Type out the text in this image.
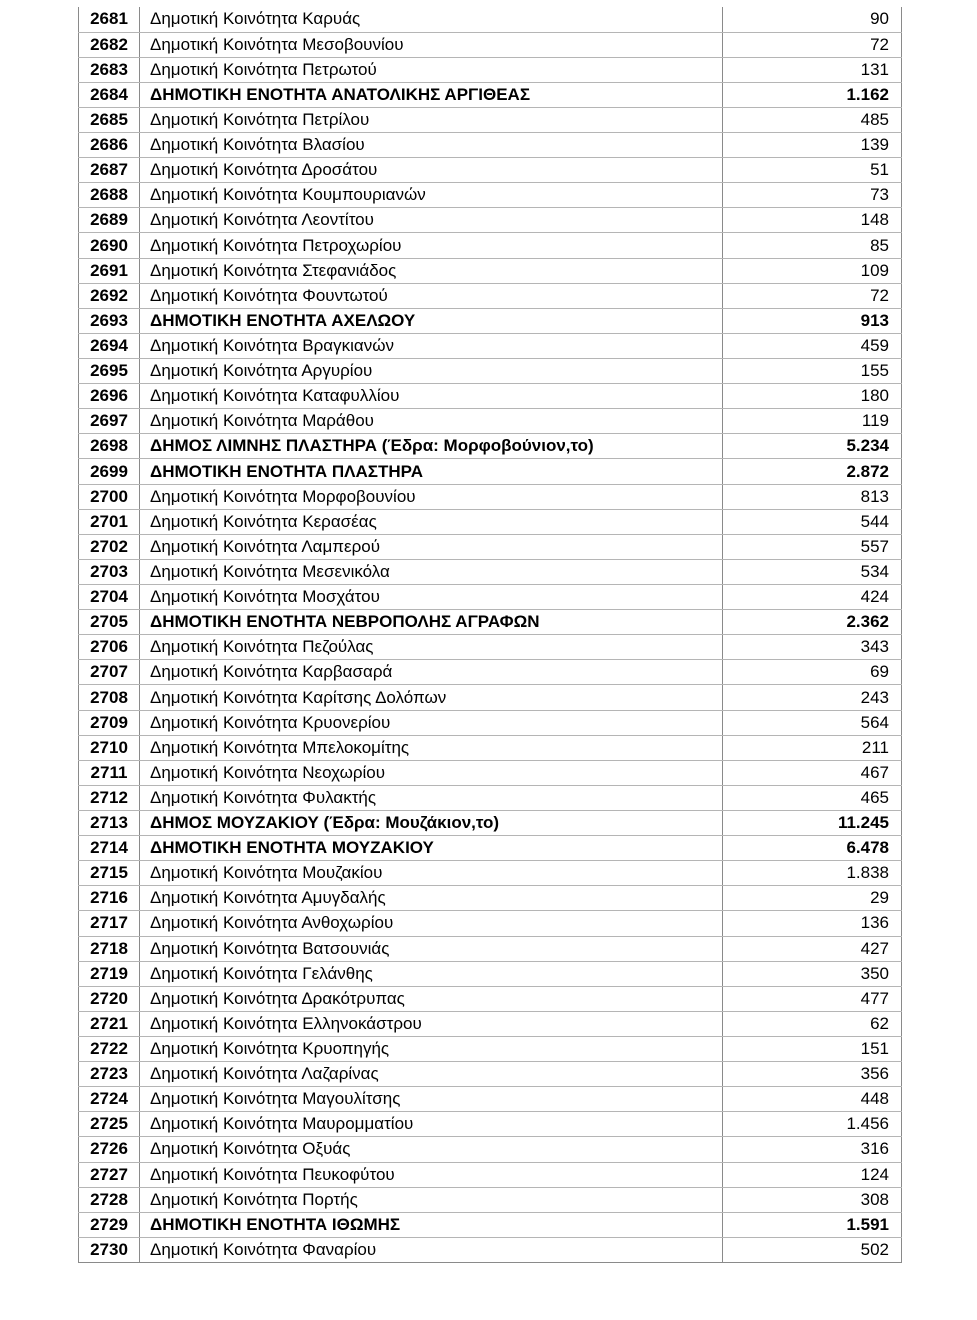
2681	Δημοτική Κοινότητα Καρυάς	90
2682	Δημοτική Κοινότητα Μεσοβουνίου	72
2683	Δημοτική Κοινότητα Πετρωτού	131
2684	ΔΗΜΟΤΙΚΗ ΕΝΟΤΗΤΑ ΑΝΑΤΟΛΙΚΗΣ ΑΡΓΙΘΕΑΣ	1.162
2685	Δημοτική Κοινότητα Πετρίλου	485
2686	Δημοτική Κοινότητα Βλασίου	139
2687	Δημοτική Κοινότητα Δροσάτου	51
2688	Δημοτική Κοινότητα Κουμπουριανών	73
2689	Δημοτική Κοινότητα Λεοντίτου	148
2690	Δημοτική Κοινότητα Πετροχωρίου	85
2691	Δημοτική Κοινότητα Στεφανιάδος	109
2692	Δημοτική Κοινότητα Φουντωτού	72
2693	ΔΗΜΟΤΙΚΗ ΕΝΟΤΗΤΑ ΑΧΕΛΩΟΥ	913
2694	Δημοτική Κοινότητα Βραγκιανών	459
2695	Δημοτική Κοινότητα Αργυρίου	155
2696	Δημοτική Κοινότητα Καταφυλλίου	180
2697	Δημοτική Κοινότητα Μαράθου	119
2698	ΔΗΜΟΣ ΛΙΜΝΗΣ ΠΛΑΣΤΗΡΑ (Έδρα: Μορφοβούνιον,το)	5.234
2699	ΔΗΜΟΤΙΚΗ ΕΝΟΤΗΤΑ ΠΛΑΣΤΗΡΑ	2.872
2700	Δημοτική Κοινότητα Μορφοβουνίου	813
2701	Δημοτική Κοινότητα Κερασέας	544
2702	Δημοτική Κοινότητα Λαμπερού	557
2703	Δημοτική Κοινότητα Μεσενικόλα	534
2704	Δημοτική Κοινότητα Μοσχάτου	424
2705	ΔΗΜΟΤΙΚΗ ΕΝΟΤΗΤΑ ΝΕΒΡΟΠΟΛΗΣ ΑΓΡΑΦΩΝ	2.362
2706	Δημοτική Κοινότητα Πεζούλας	343
2707	Δημοτική Κοινότητα Καρβασαρά	69
2708	Δημοτική Κοινότητα Καρίτσης Δολόπων	243
2709	Δημοτική Κοινότητα Κρυονερίου	564
2710	Δημοτική Κοινότητα Μπελοκομίτης	211
2711	Δημοτική Κοινότητα Νεοχωρίου	467
2712	Δημοτική Κοινότητα Φυλακτής	465
2713	ΔΗΜΟΣ ΜΟΥΖΑΚΙΟΥ (Έδρα: Μουζάκιον,το)	11.245
2714	ΔΗΜΟΤΙΚΗ ΕΝΟΤΗΤΑ ΜΟΥΖΑΚΙΟΥ	6.478
2715	Δημοτική Κοινότητα Μουζακίου	1.838
2716	Δημοτική Κοινότητα Αμυγδαλής	29
2717	Δημοτική Κοινότητα Ανθοχωρίου	136
2718	Δημοτική Κοινότητα Βατσουνιάς	427
2719	Δημοτική Κοινότητα Γελάνθης	350
2720	Δημοτική Κοινότητα Δρακότρυπας	477
2721	Δημοτική Κοινότητα Ελληνοκάστρου	62
2722	Δημοτική Κοινότητα Κρυοπηγής	151
2723	Δημοτική Κοινότητα Λαζαρίνας	356
2724	Δημοτική Κοινότητα Μαγουλίτσης	448
2725	Δημοτική Κοινότητα Μαυρομματίου	1.456
2726	Δημοτική Κοινότητα Οξυάς	316
2727	Δημοτική Κοινότητα Πευκοφύτου	124
2728	Δημοτική Κοινότητα Πορτής	308
2729	ΔΗΜΟΤΙΚΗ ΕΝΟΤΗΤΑ ΙΘΩΜΗΣ	1.591
2730	Δημοτική Κοινότητα Φαναρίου	502
